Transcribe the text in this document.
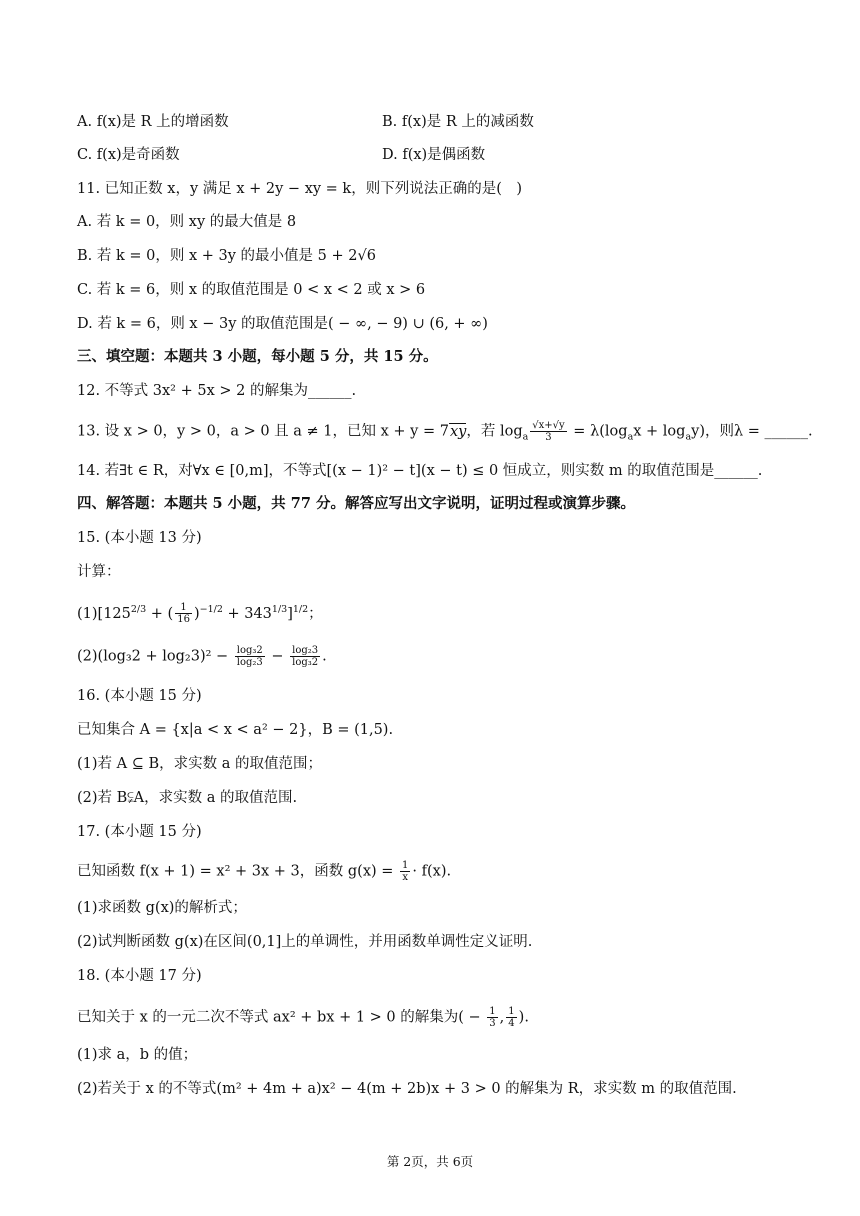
A. f(x)是 R 上的增函数	B. f(x)是 R 上的减函数
C. f(x)是奇函数	D. f(x)是偶函数
11. 已知正数 x，y 满足 x + 2y − xy = k，则下列说法正确的是(　)
A. 若 k = 0，则 xy 的最大值是 8
B. 若 k = 0，则 x + 3y 的最小值是 5 + 2√6
C. 若 k = 6，则 x 的取值范围是 0 < x < 2 或 x > 6
D. 若 k = 6，则 x − 3y 的取值范围是( − ∞, − 9) ∪ (6, + ∞)
三、填空题：本题共 3 小题，每小题 5 分，共 15 分。
12. 不等式 3x² + 5x > 2 的解集为______.
13. 设 x > 0，y > 0，a > 0 且 a ≠ 1，已知 x + y = 7xy，若 $\log_a \frac{√x+√y}{3} = \lambda(\log_ax + \log_ay)$，则λ = ______.
14. 若∃t ∈ R，对∀x ∈ [0,m]，不等式[(x − 1)² − t](x − t) ≤ 0 恒成立，则实数 m 的取值范围是______.
四、解答题：本题共 5 小题，共 77 分。解答应写出文字说明，证明过程或演算步骤。
15. (本小题 13 分)
计算：
$(1)[125^{2/3}$ + ( $\frac{1}{16} )^{-1/2} + 343^{1/3}]^{1/2}$；
$(2)(\log_32 + \log_23)^2 - \frac{\text{log₃2}}{\text{log₂3}} - \frac{\text{log₂3}}{\text{log₃2}}$ .
16. (本小题 15 分)
已知集合 A = {x|a < x < a² − 2}，B = (1,5).
(1)若 A ⊆ B，求实数 a 的取值范围；
(2)若 B⫋A，求实数 a 的取值范围.
17. (本小题 15 分)
已知函数 f(x + 1) = x² + 3x + 3，函数 $g(x) = \frac{1}{x} \cdot f(x)$.
(1)求函数 g(x)的解析式；
(2)试判断函数 g(x)在区间(0,1]上的单调性，并用函数单调性定义证明.
18. (本小题 17 分)
已知关于 x 的一元二次不等式 ax² + bx + 1 > 0 的解集为( − $\frac{1}{3}$ , $\frac{1}{4}$ ).
(1)求 a，b 的值；
(2)若关于 x 的不等式(m² + 4m + a)x² − 4(m + 2b)x + 3 > 0 的解集为 R，求实数 m 的取值范围.
第 2页，共 6页
